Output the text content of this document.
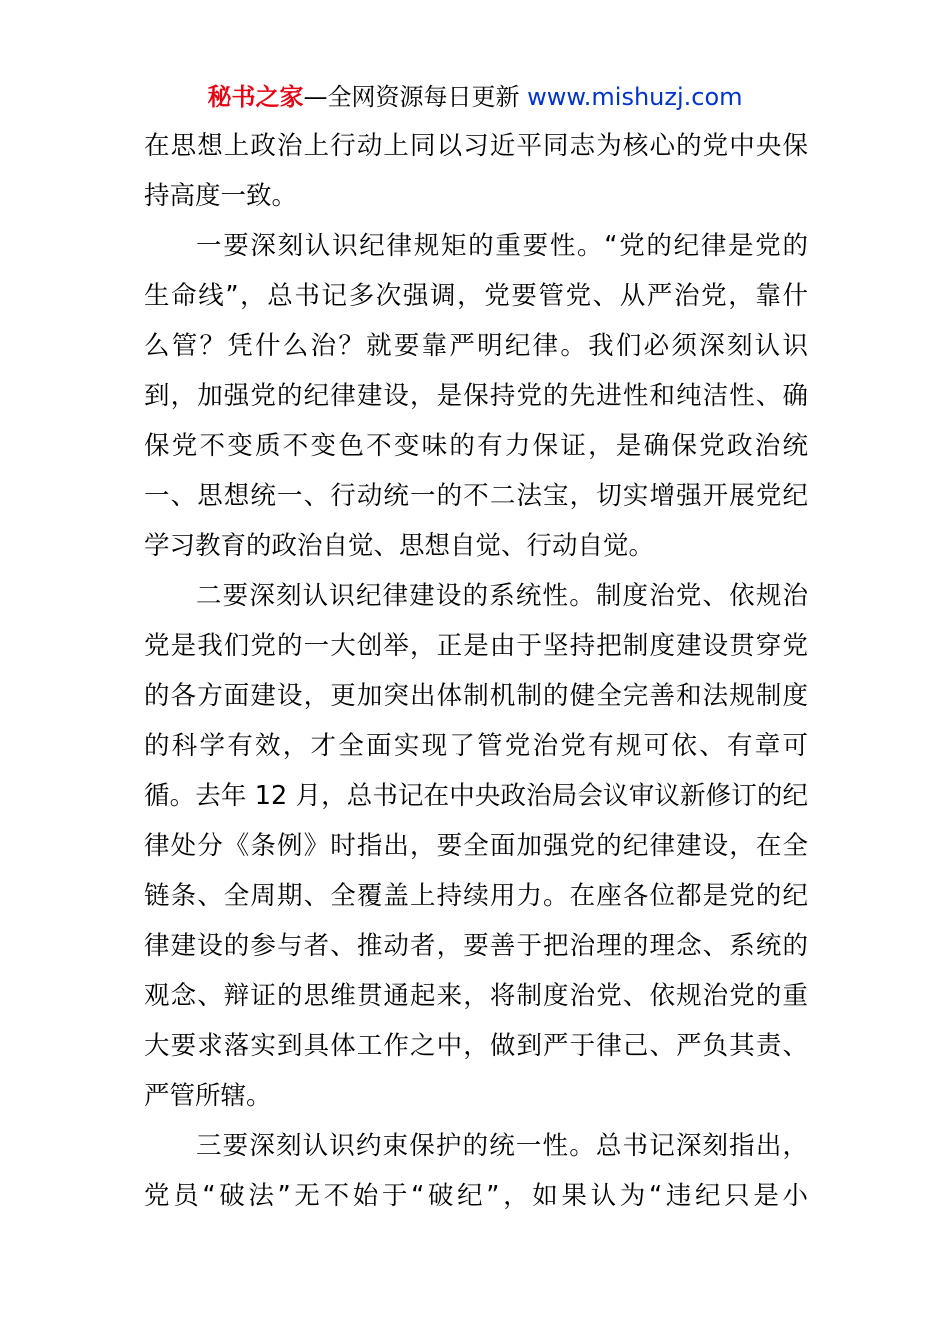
秘书之家—全网资源每日更新 www.mishuzj.com
在思想上政治上行动上同以习近平同志为核心的党中央保
持高度一致。
一要深刻认识纪律规矩的重要性。“党的纪律是党的
生命线”，总书记多次强调，党要管党、从严治党，靠什
么管？凭什么治？就要靠严明纪律。我们必须深刻认识
到，加强党的纪律建设，是保持党的先进性和纯洁性、确
保党不变质不变色不变味的有力保证，是确保党政治统
一、思想统一、行动统一的不二法宝，切实增强开展党纪
学习教育的政治自觉、思想自觉、行动自觉。
二要深刻认识纪律建设的系统性。制度治党、依规治
党是我们党的一大创举，正是由于坚持把制度建设贯穿党
的各方面建设，更加突出体制机制的健全完善和法规制度
的科学有效，才全面实现了管党治党有规可依、有章可
循。去年 12 月，总书记在中央政治局会议审议新修订的纪
律处分《条例》时指出，要全面加强党的纪律建设，在全
链条、全周期、全覆盖上持续用力。在座各位都是党的纪
律建设的参与者、推动者，要善于把治理的理念、系统的
观念、辩证的思维贯通起来，将制度治党、依规治党的重
大要求落实到具体工作之中，做到严于律己、严负其责、
严管所辖。
三要深刻认识约束保护的统一性。总书记深刻指出，
党员“破法”无不始于“破纪”，如果认为“违纪只是小
